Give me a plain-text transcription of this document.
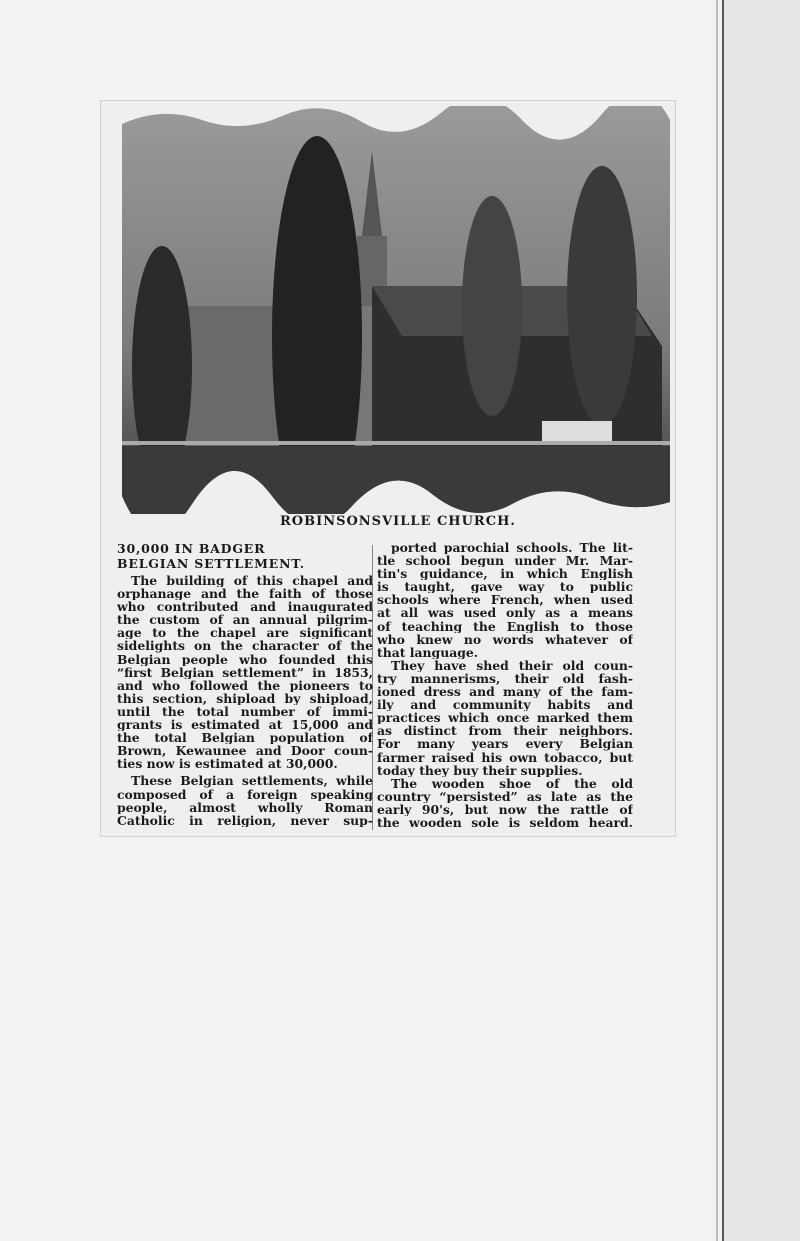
ROBINSONSVILLE CHURCH.
30,000 IN BADGER
BELGIAN SETTLEMENT.
The building of this chapel and
orphanage and the faith of those
who contributed and inaugurated
the custom of an annual pilgrim-
age to the chapel are significant
sidelights on the character of the
Belgian people who founded this
“first Belgian settlement” in 1853,
and who followed the pioneers to
this section, shipload by shipload,
until the total number of immi-
grants is estimated at 15,000 and
the total Belgian population of
Brown, Kewaunee and Door coun-
ties now is estimated at 30,000.
These Belgian settlements, while
composed of a foreign speaking
people, almost wholly Roman
Catholic in religion, never sup-
ported parochial schools. The lit-
tle school begun under Mr. Mar-
tin's guidance, in which English
is taught, gave way to public
schools where French, when used
at all was used only as a means
of teaching the English to those
who knew no words whatever of
that language.
They have shed their old coun-
try mannerisms, their old fash-
ioned dress and many of the fam-
ily and community habits and
practices which once marked them
as distinct from their neighbors.
For many years every Belgian
farmer raised his own tobacco, but
today they buy their supplies.
The wooden shoe of the old
country “persisted” as late as the
early 90's, but now the rattle of
the wooden sole is seldom heard.
